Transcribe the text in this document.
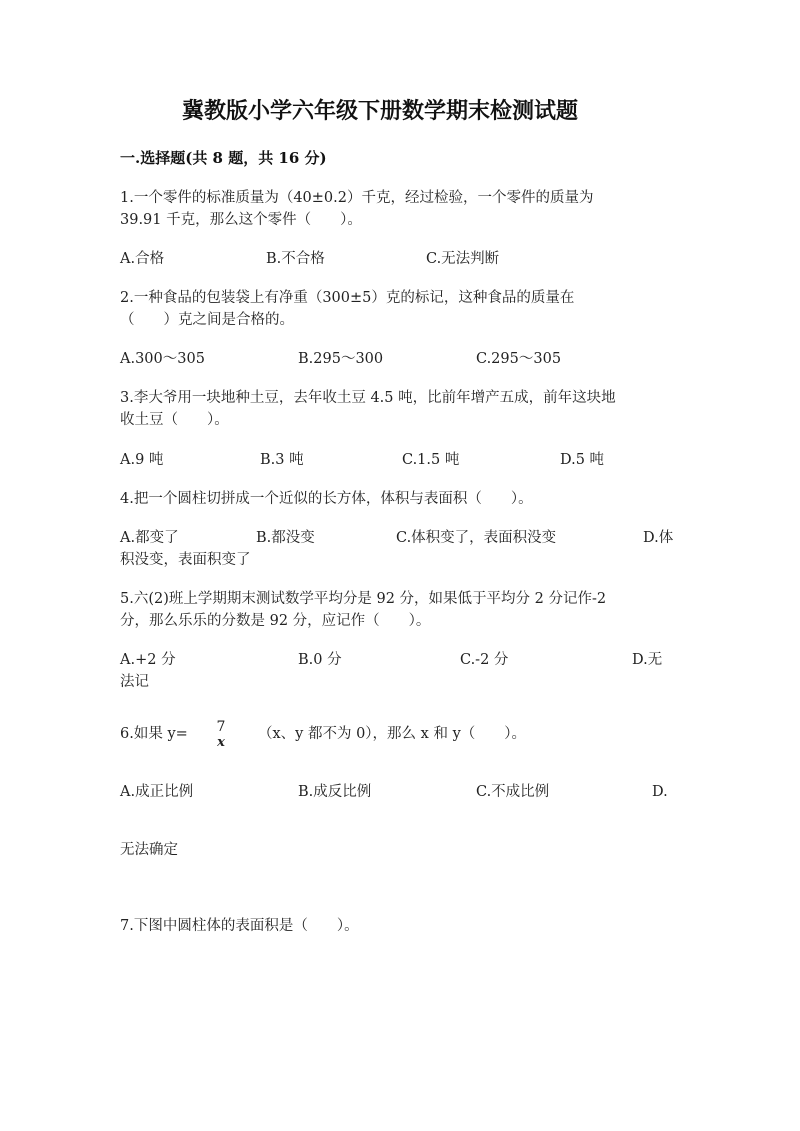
冀教版小学六年级下册数学期末检测试题
一.选择题(共 8 题，共 16 分)
1.一个零件的标准质量为（40±0.2）千克，经过检验，一个零件的质量为
39.91 千克，那么这个零件（　　）。
A.合格	B.不合格	C.无法判断
2.一种食品的包装袋上有净重（300±5）克的标记，这种食品的质量在
（　　）克之间是合格的。
A.300～305	B.295～300	C.295～305
3.李大爷用一块地种土豆，去年收土豆 4.5 吨，比前年增产五成，前年这块地
收土豆（　　）。
A.9 吨	B.3 吨	C.1.5 吨	D.5 吨
4.把一个圆柱切拼成一个近似的长方体，体积与表面积（　　）。
A.都变了	B.都没变	C.体积变了，表面积没变	D.体
积没变，表面积变了
5.六(2)班上学期期末测试数学平均分是 92 分，如果低于平均分 2 分记作-2
分，那么乐乐的分数是 92 分，应记作（　　）。
A.+2 分	B.0 分	C.-2 分	D.无
法记
6.如果 y= 7
x
（x、y 都不为 0），那么 x 和 y（　　）。
A.成正比例	B.成反比例	C.不成比例	D.
无法确定
7.下图中圆柱体的表面积是（　　）。
